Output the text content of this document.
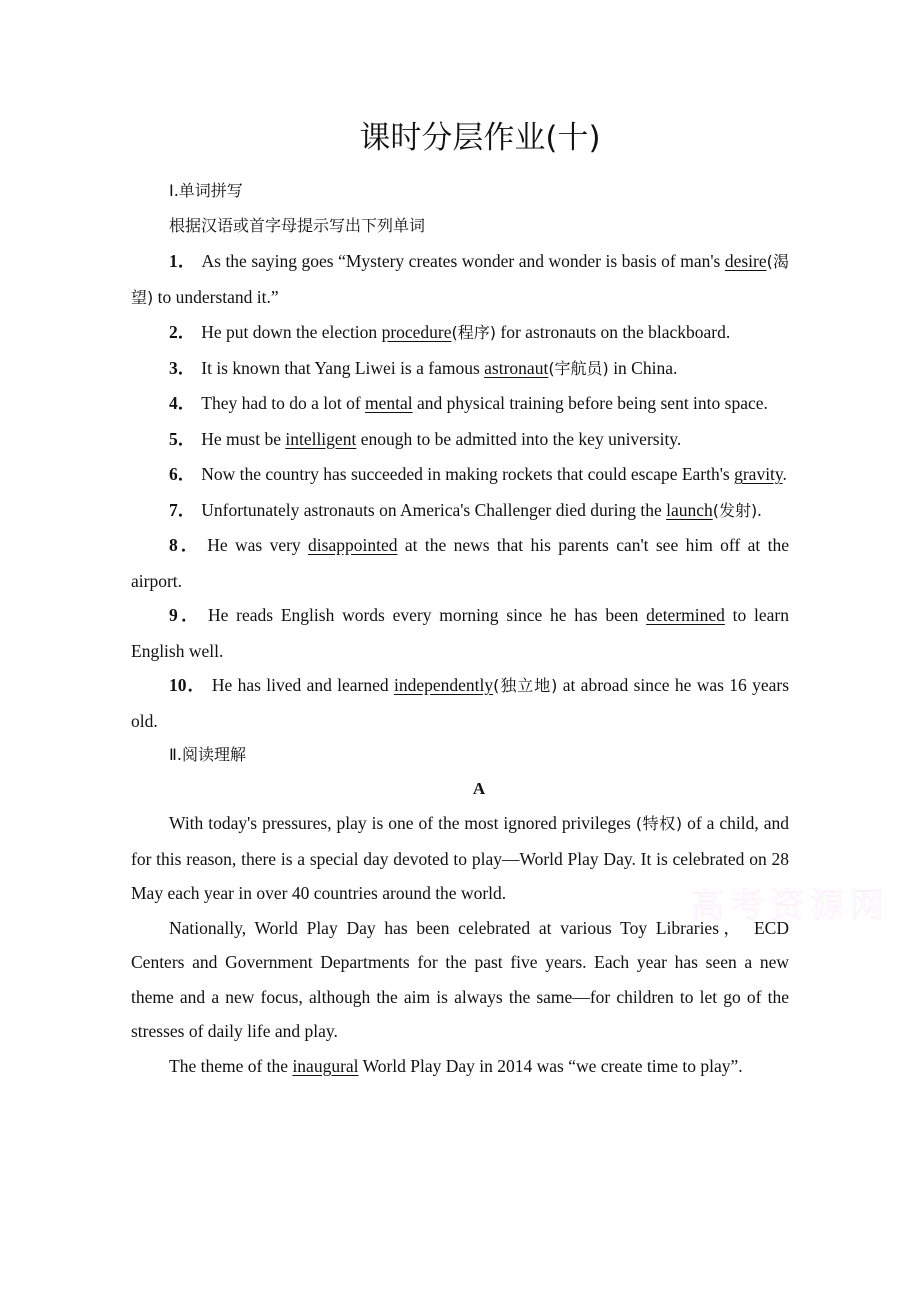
高考资源网
课时分层作业(十)
Ⅰ.单词拼写
根据汉语或首字母提示写出下列单词

1． As the saying goes “Mystery creates wonder and wonder is basis of man's desire(渴望) to understand it.”

2． He put down the election procedure(程序) for astronauts on the blackboard.

3． It is known that Yang Liwei is a famous astronaut(宇航员) in China.

4． They had to do a lot of mental and physical training before being sent into space.

5． He must be intelligent enough to be admitted into the key university.

6． Now the country has succeeded in making rockets that could escape Earth's gravity.

7． Unfortunately astronauts on America's Challenger died during the launch(发射).

8． He was very disappointed at the news that his parents can't see him off at the airport.

9． He reads English words every morning since he has been determined to learn English well.

10． He has lived and learned independently(独立地) at abroad since he was 16 years old.

Ⅱ.阅读理解
A

With today's pressures, play is one of the most ignored privileges (特权) of a child, and for this reason, there is a special day devoted to play—World Play Day. It is celebrated on 28 May each year in over 40 countries around the world.

Nationally, World Play Day has been celebrated at various Toy Libraries， ECD Centers and Government Departments for the past five years. Each year has seen a new theme and a new focus, although the aim is always the same—for children to let go of the stresses of daily life and play.

The theme of the inaugural World Play Day in 2014 was “we create time to play”.
